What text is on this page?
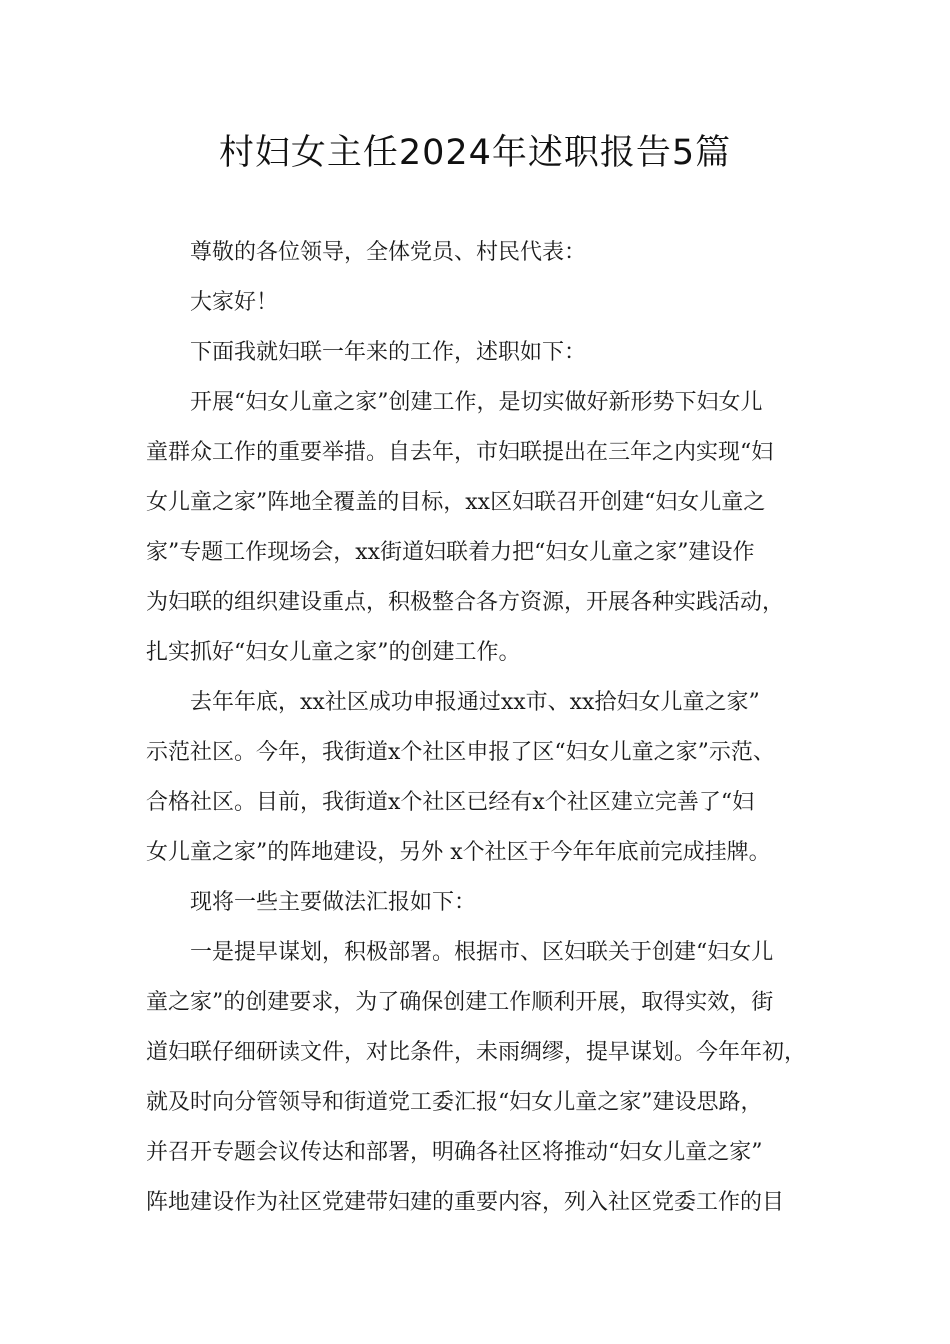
村妇女主任2024年述职报告5篇
尊敬的各位领导，全体党员、村民代表：
大家好！
下面我就妇联一年来的工作，述职如下：
开展“妇女儿童之家”创建工作，是切实做好新形势下妇女儿
童群众工作的重要举措。自去年，市妇联提出在三年之内实现“妇
女儿童之家”阵地全覆盖的目标，xx区妇联召开创建“妇女儿童之
家”专题工作现场会，xx街道妇联着力把“妇女儿童之家”建设作
为妇联的组织建设重点，积极整合各方资源，开展各种实践活动，
扎实抓好“妇女儿童之家”的创建工作。
去年年底，xx社区成功申报通过xx市、xx拾妇女儿童之家”
示范社区。今年，我街道x个社区申报了区“妇女儿童之家”示范、
合格社区。目前，我街道x个社区已经有x个社区建立完善了“妇
女儿童之家”的阵地建设，另外 x个社区于今年年底前完成挂牌。
现将一些主要做法汇报如下：
一是提早谋划，积极部署。根据市、区妇联关于创建“妇女儿
童之家”的创建要求，为了确保创建工作顺利开展，取得实效，街
道妇联仔细研读文件，对比条件，未雨绸缪，提早谋划。今年年初，
就及时向分管领导和街道党工委汇报“妇女儿童之家”建设思路，
并召开专题会议传达和部署，明确各社区将推动“妇女儿童之家”
阵地建设作为社区党建带妇建的重要内容，列入社区党委工作的目
